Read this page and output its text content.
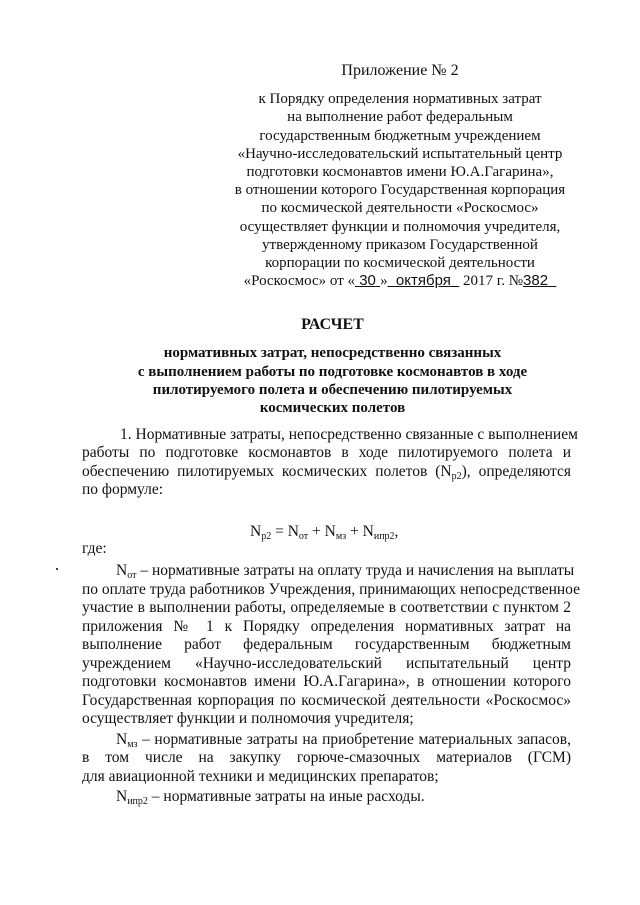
Приложение № 2
к Порядку определения нормативных затрат
на выполнение работ федеральным
государственным бюджетным учреждением
«Научно-исследовательский испытательный центр
подготовки космонавтов имени Ю.А.Гагарина»,
в отношении которого Государственная корпорация
по космической деятельности «Роскосмос»
осуществляет функции и полномочия учредителя,
утвержденному приказом Государственной
корпорации по космической деятельности
«Роскосмос» от « 30 » октября 2017 г. №382
РАСЧЕТ
нормативных затрат, непосредственно связанных
с выполнением работы по подготовке космонавтов в ходе
пилотируемого полета и обеспечению пилотируемых
космических полетов
1. Нормативные затраты, непосредственно связанные с выполнением
работы по подготовке космонавтов в ходе пилотируемого полета и
обеспечению пилотируемых космических полетов $(N_{р2})$, определяются
по формуле:
$N_{р2} = N_{от} + N_{мз} + N_{ипр2}$,
где:
$N_{от}$ – нормативные затраты на оплату труда и начисления на выплаты
по оплате труда работников Учреждения, принимающих непосредственное
участие в выполнении работы, определяемые в соответствии с пунктом 2
приложения № 1 к Порядку определения нормативных затрат на
выполнение работ федеральным государственным бюджетным
учреждением «Научно-исследовательский испытательный центр
подготовки космонавтов имени Ю.А.Гагарина», в отношении которого
Государственная корпорация по космической деятельности «Роскосмос»
осуществляет функции и полномочия учредителя;
$N_{мз}$ – нормативные затраты на приобретение материальных запасов,
в том числе на закупку горюче-смазочных материалов (ГСМ)
для авиационной техники и медицинских препаратов;
$N_{ипр2}$ – нормативные затраты на иные расходы.
